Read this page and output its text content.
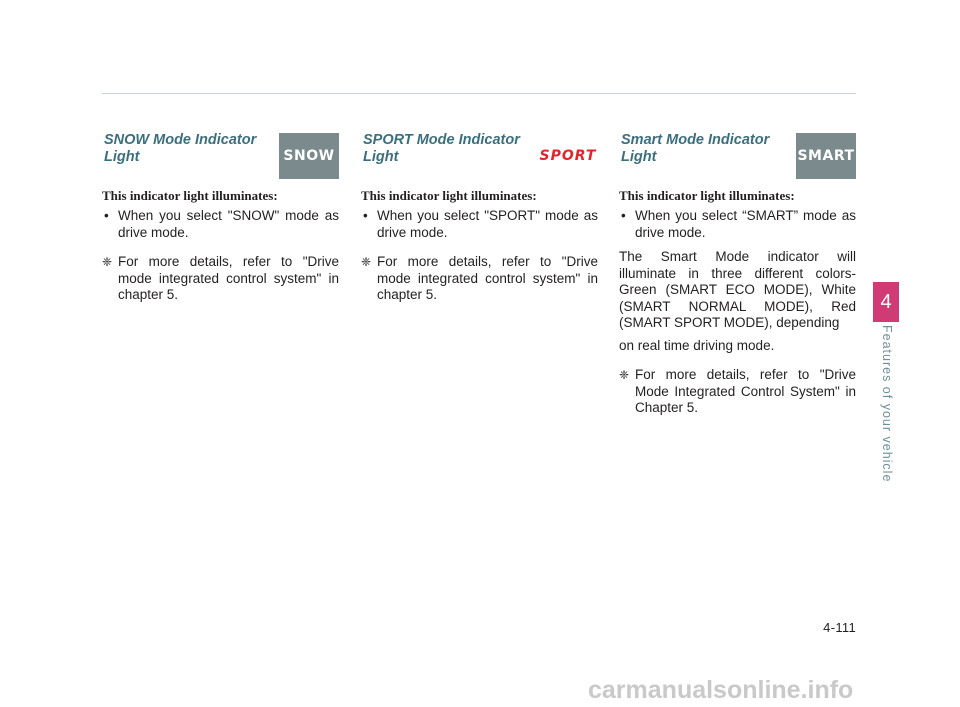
SNOW Mode Indicator Light	SNOW

This indicator light illuminates:

• When you select "SNOW" mode as drive mode.

❈ For more details, refer to "Drive mode integrated control system" in chapter 5.

SPORT Mode Indicator Light	SPORT

This indicator light illuminates:

• When you select "SPORT" mode as drive mode.

❈ For more details, refer to "Drive mode integrated control system" in chapter 5.

Smart Mode Indicator Light	SMART

This indicator light illuminates:

• When you select “SMART” mode as drive mode.

The Smart Mode indicator will illuminate in three different colors- Green (SMART ECO MODE), White (SMART NORMAL MODE), Red (SMART SPORT MODE), depending

on real time driving mode.

❈ For more details, refer to "Drive Mode Integrated Control System" in Chapter 5.

4
Features of your vehicle
4-111
carmanualsonline.info
